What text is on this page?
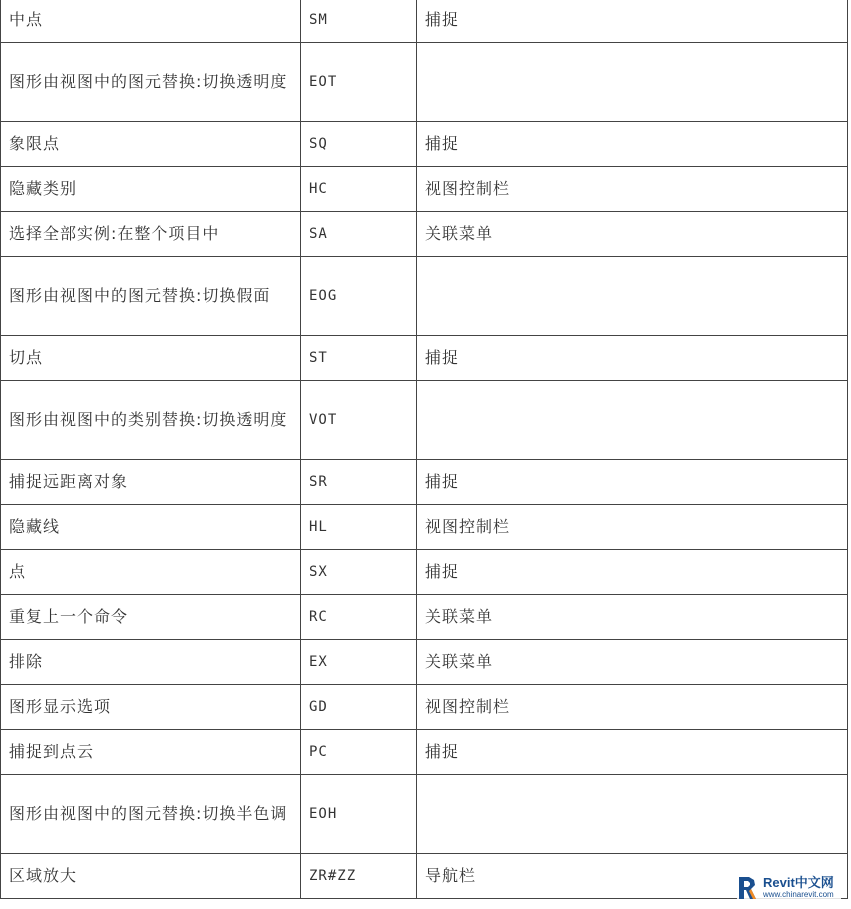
中点	SM	捕捉
图形由视图中的图元替换:切换透明度	EOT	
象限点	SQ	捕捉
隐藏类别	HC	视图控制栏
选择全部实例:在整个项目中	SA	关联菜单
图形由视图中的图元替换:切换假面	EOG	
切点	ST	捕捉
图形由视图中的类别替换:切换透明度	VOT	
捕捉远距离对象	SR	捕捉
隐藏线	HL	视图控制栏
点	SX	捕捉
重复上一个命令	RC	关联菜单
排除	EX	关联菜单
图形显示选项	GD	视图控制栏
捕捉到点云	PC	捕捉
图形由视图中的图元替换:切换半色调	EOH	
区域放大	ZR#ZZ	导航栏	Revit中文网
www.chinarevit.com
